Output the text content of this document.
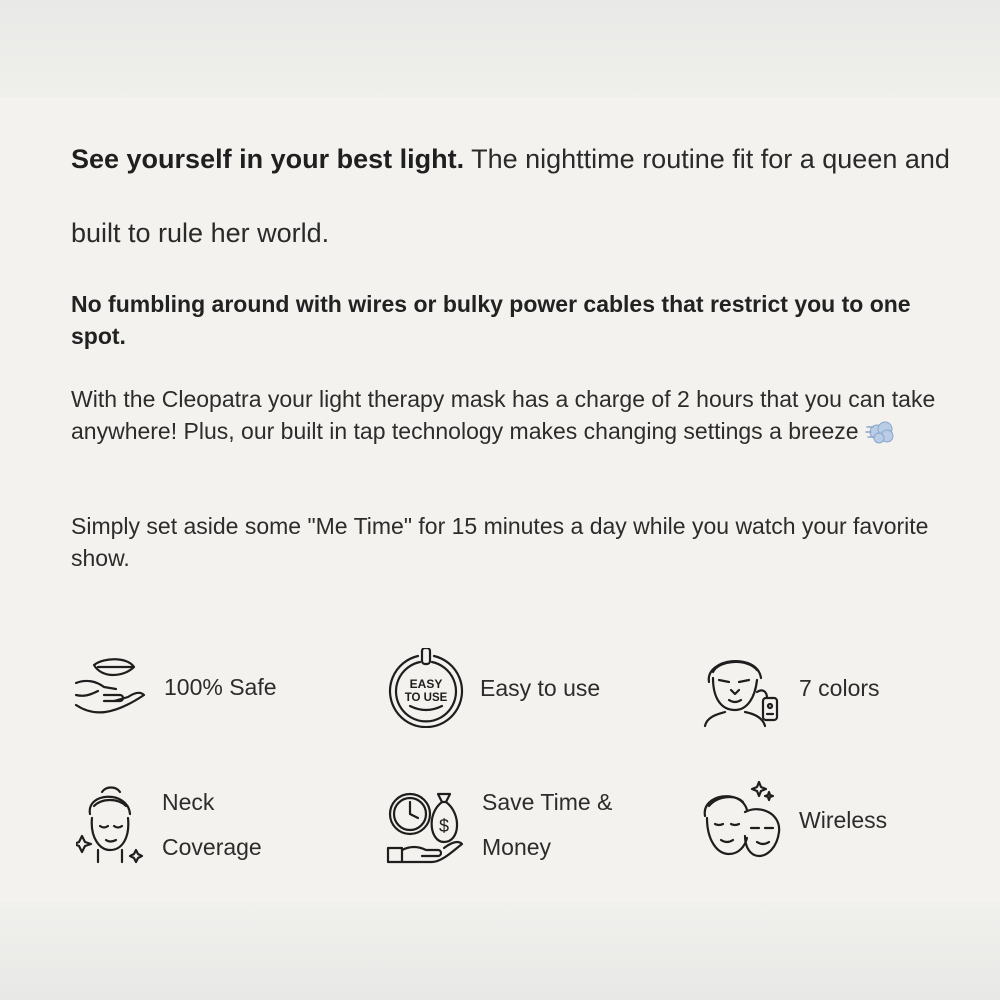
See yourself in your best light. The nighttime routine fit for a queen and built to rule her world.

No fumbling around with wires or bulky power cables that restrict you to one spot.

With the Cleopatra your light therapy mask has a charge of 2 hours that you can take anywhere! Plus, our built in tap technology makes changing settings a breeze

Simply set aside some "Me Time" for 15 minutes a day while you watch your favorite show.

100% Safe	EASY
TO USE Easy to use	7 colors
Neck
Coverage
$
Save Time &
Money
Wireless
